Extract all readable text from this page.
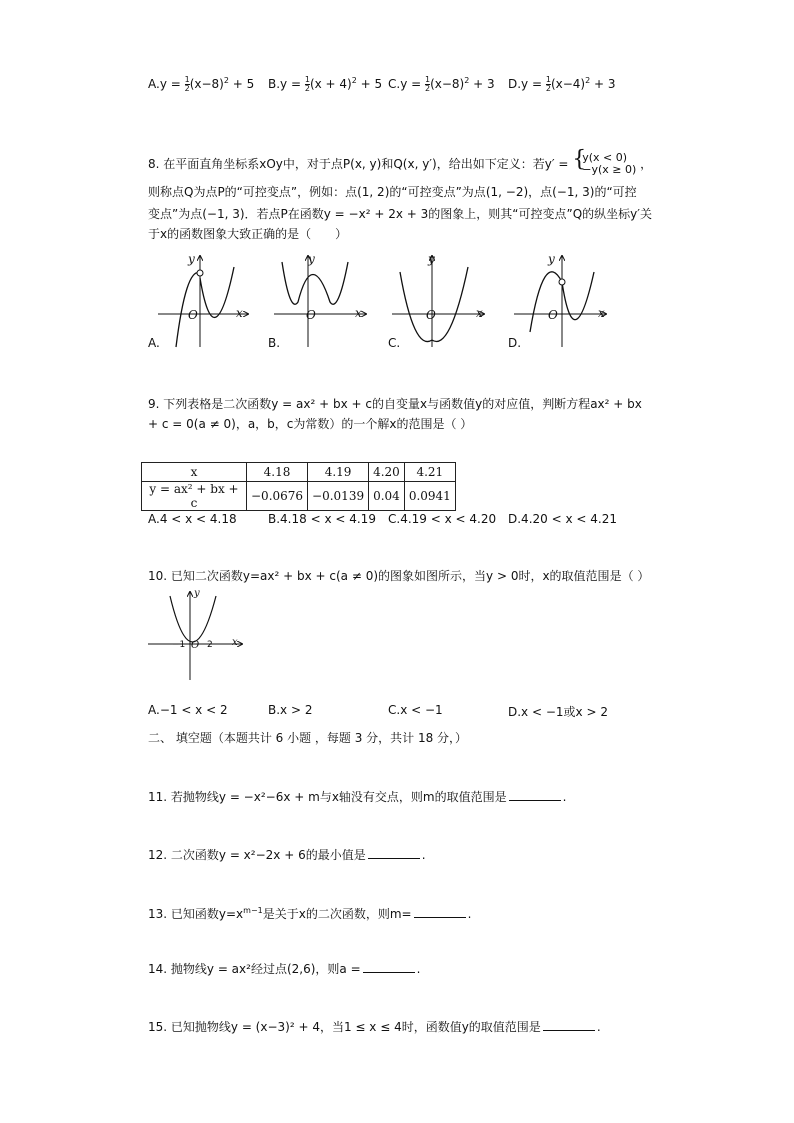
$A.y = \frac{1}{2} (x-8)^2 + 5$ $B.y = \frac{1}{2} (x + 4)^2 + 5$ $C.y = \frac{1}{2} (x-8)^2 + 3$ $D.y = \frac{1}{2} (x-4)^2 + 3$
8. 在平面直角坐标系xOy中，对于点P(x, y)和Q(x, y′)，给出如下定义：若y′ = {
y(x < 0)
−y(x ≥ 0) ，
则称点Q为点P的“可控变点”，例如：点(1, 2)的“可控变点”为点(1, −2)，点(−1, 3)的“可控
变点”为点(−1, 3)．若点P在函数y = −x² + 2x + 3的图象上，则其“可控变点”Q的纵坐标y′关
于x的函数图象大致正确的是（　　）
y
x
O
y
x
O
y
x
O
y
x
O
A.	B.	C.	D.
9. 下列表格是二次函数y = ax² + bx + c的自变量x与函数值y的对应值，判断方程ax² + bx
+ c = 0(a ≠ 0)，a，b，c为常数）的一个解x的范围是（ ）
x	4.18	4.19	4.20	4.21
y = ax² + bx + c	−0.0676	−0.0139	0.04	0.0941
A.4 < x < 4.18	B.4.18 < x < 4.19 C.4.19 < x < 4.20 D.4.20 < x < 4.21
10. 已知二次函数y=ax² + bx + c(a ≠ 0)的图象如图所示，当y > 0时，x的取值范围是（ ）
y
x
−1 O 2
A.−1 < x < 2	B.x > 2	C.x < −1	D.x < −1或x > 2
二、 填空题（本题共计 6 小题 ，每题 3 分，共计 18 分，）
11. 若抛物线y = −x²−6x + m与x轴没有交点，则m的取值范围是	.
12. 二次函数y = x²−2x + 6的最小值是	.
13. 已知函数$y=x^{m-1}$是关于x的二次函数，则m=	.
14. 抛物线y = ax²经过点(2,6)，则a =	.
15. 已知抛物线y = (x−3)² + 4，当1 ≤ x ≤ 4时，函数值y的取值范围是	.
